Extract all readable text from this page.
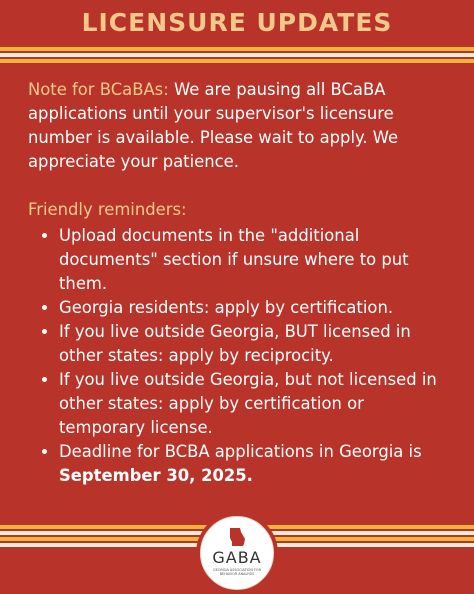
LICENSURE UPDATES

Note for BCaBAs: We are pausing all BCaBA applications until your supervisor's licensure number is available. Please wait to apply. We appreciate your patience.

Friendly reminders:

• Upload documents in the "additional documents" section if unsure where to put them.
• Georgia residents: apply by certification.
• If you live outside Georgia, BUT licensed in other states: apply by reciprocity.
• If you live outside Georgia, but not licensed in other states: apply by certification or temporary license.
• Deadline for BCBA applications in Georgia is September 30, 2025.
GABA
GEORGIA ASSOCIATION FOR BEHAVIOR ANALYSIS
